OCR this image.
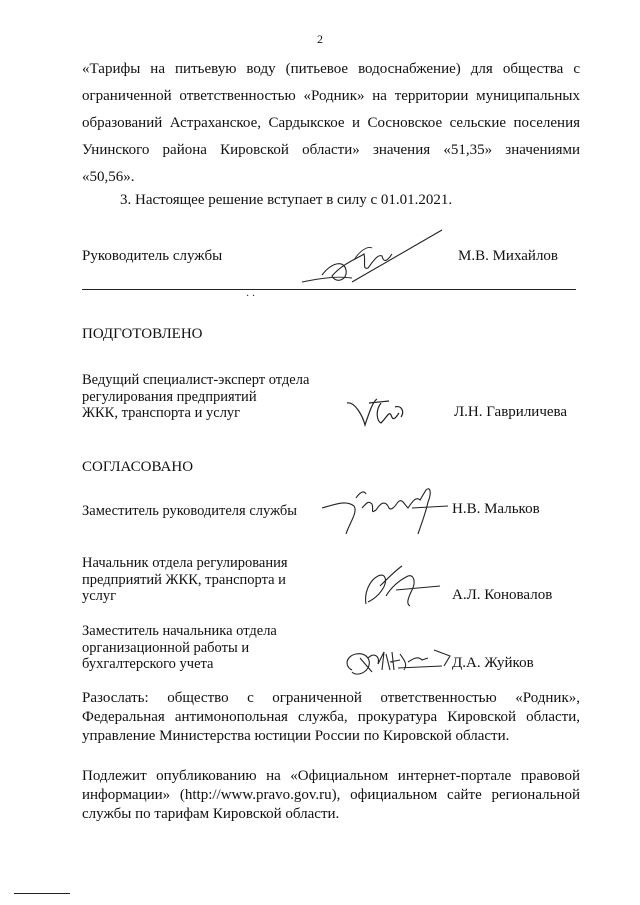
2
«Тарифы на питьевую воду (питьевое водоснабжение) для общества с
ограниченной ответственностью «Родник» на территории муниципальных
образований Астраханское, Сардыкское и Сосновское сельские поселения
Унинского района Кировской области» значения «51,35» значениями
«50,56».
3. Настоящее решение вступает в силу с 01.01.2021.
Руководитель службы	М.В. Михайлов
· ·
ПОДГОТОВЛЕНО
Ведущий специалист-эксперт отдела
регулирования предприятий
ЖКК, транспорта и услуг	Л.Н. Гавриличева
СОГЛАСОВАНО
Заместитель руководителя службы	Н.В. Мальков
Начальник отдела регулирования
предприятий ЖКК, транспорта и
услуг	А.Л. Коновалов
Заместитель начальника отдела
организационной работы и
бухгалтерского учета	Д.А. Жуйков
Разослать: общество с ограниченной ответственностью «Родник»,
Федеральная антимонопольная служба, прокуратура Кировской области,
управление Министерства юстиции России по Кировской области.
Подлежит опубликованию на «Официальном интернет-портале правовой
информации» (http://www.pravo.gov.ru), официальном сайте региональной
службы по тарифам Кировской области.
